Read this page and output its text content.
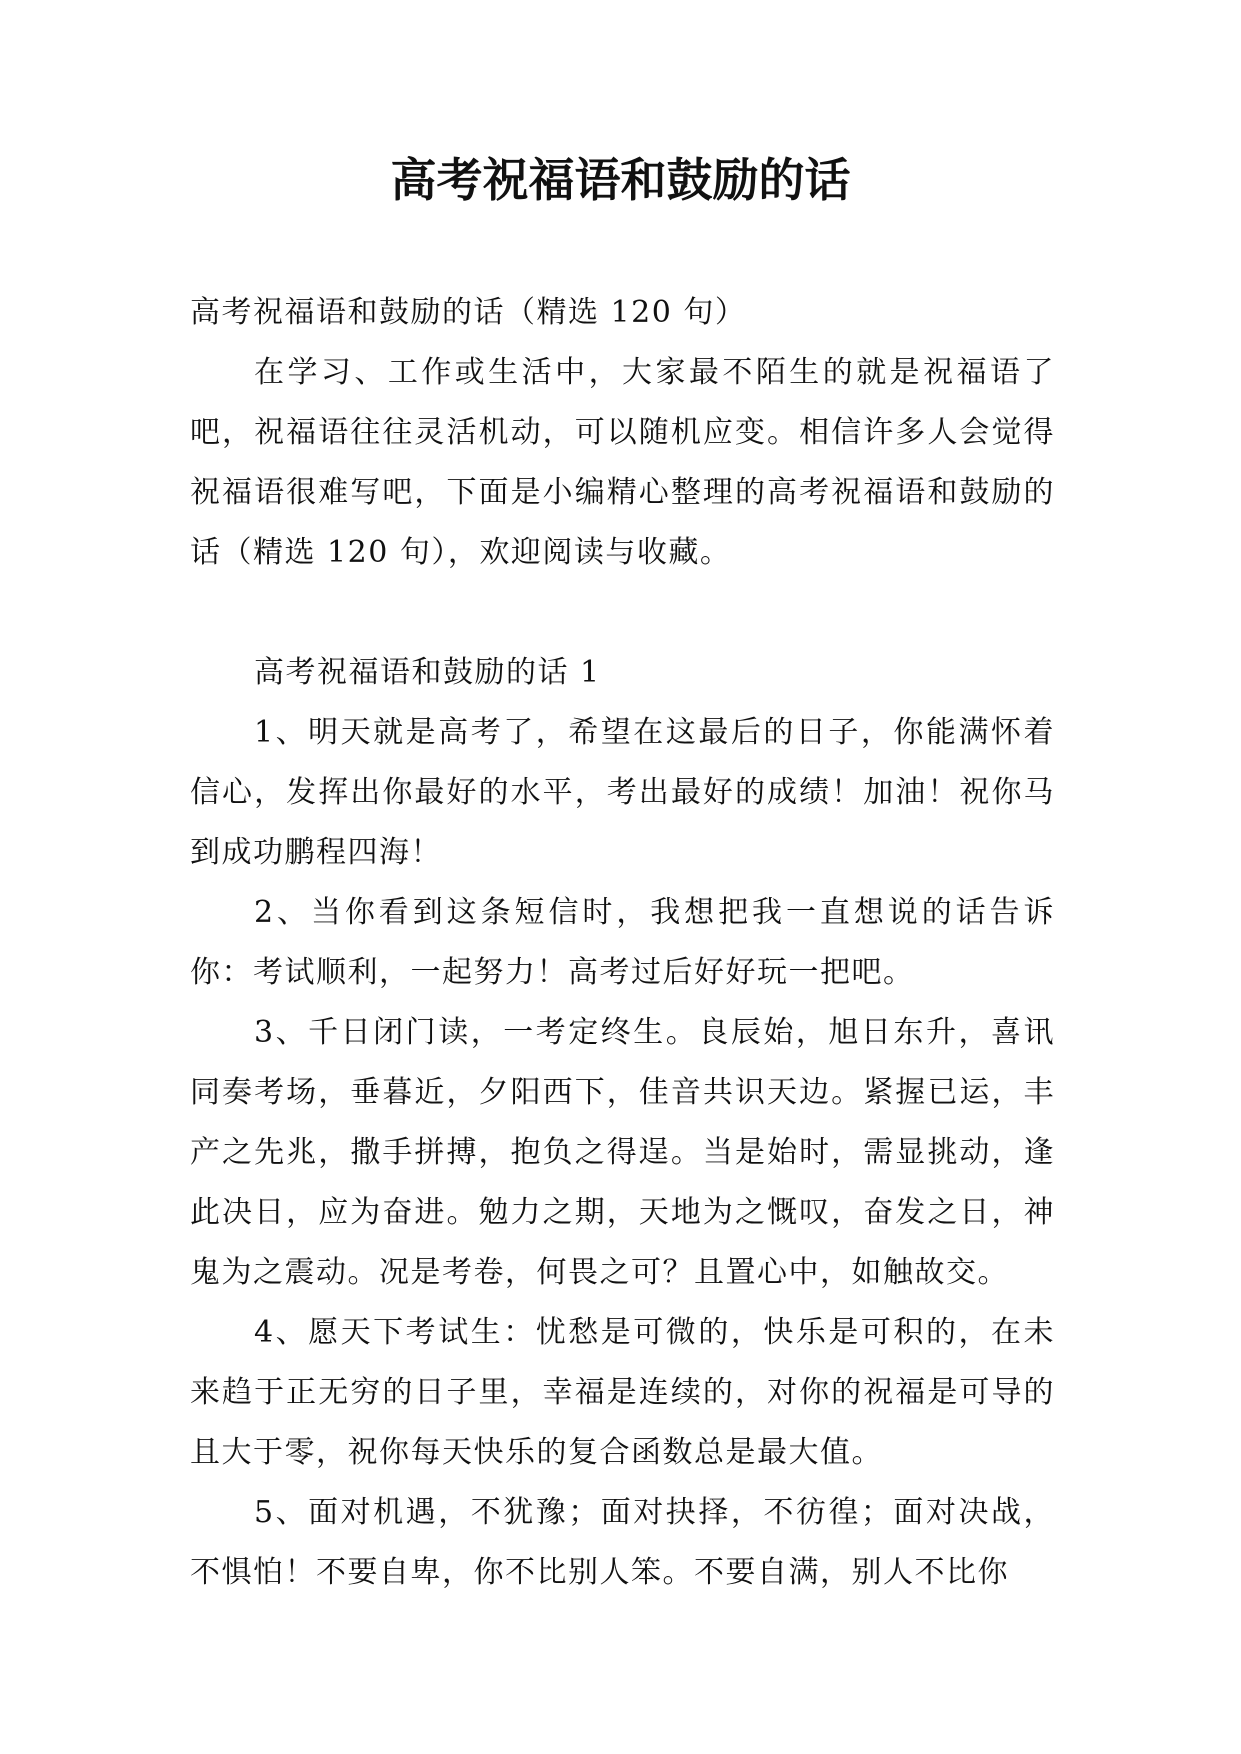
高考祝福语和鼓励的话

高考祝福语和鼓励的话（精选 120 句）

在学习、工作或生活中，大家最不陌生的就是祝福语了吧，祝福语往往灵活机动，可以随机应变。相信许多人会觉得祝福语很难写吧，下面是小编精心整理的高考祝福语和鼓励的话（精选 120 句），欢迎阅读与收藏。

高考祝福语和鼓励的话 1

1、明天就是高考了，希望在这最后的日子，你能满怀着信心，发挥出你最好的水平，考出最好的成绩！加油！祝你马到成功鹏程四海！

2、当你看到这条短信时，我想把我一直想说的话告诉你：考试顺利，一起努力！高考过后好好玩一把吧。

3、千日闭门读，一考定终生。良辰始，旭日东升，喜讯同奏考场，垂暮近，夕阳西下，佳音共识天边。紧握已运，丰产之先兆，撒手拼搏，抱负之得逞。当是始时，需显挑动，逢此决日，应为奋进。勉力之期，天地为之慨叹，奋发之日，神鬼为之震动。况是考卷，何畏之可？且置心中，如触故交。

4、愿天下考试生：忧愁是可微的，快乐是可积的，在未来趋于正无穷的日子里，幸福是连续的，对你的祝福是可导的且大于零，祝你每天快乐的复合函数总是最大值。

5、面对机遇，不犹豫；面对抉择，不彷徨；面对决战，不惧怕！不要自卑，你不比别人笨。不要自满，别人不比你
